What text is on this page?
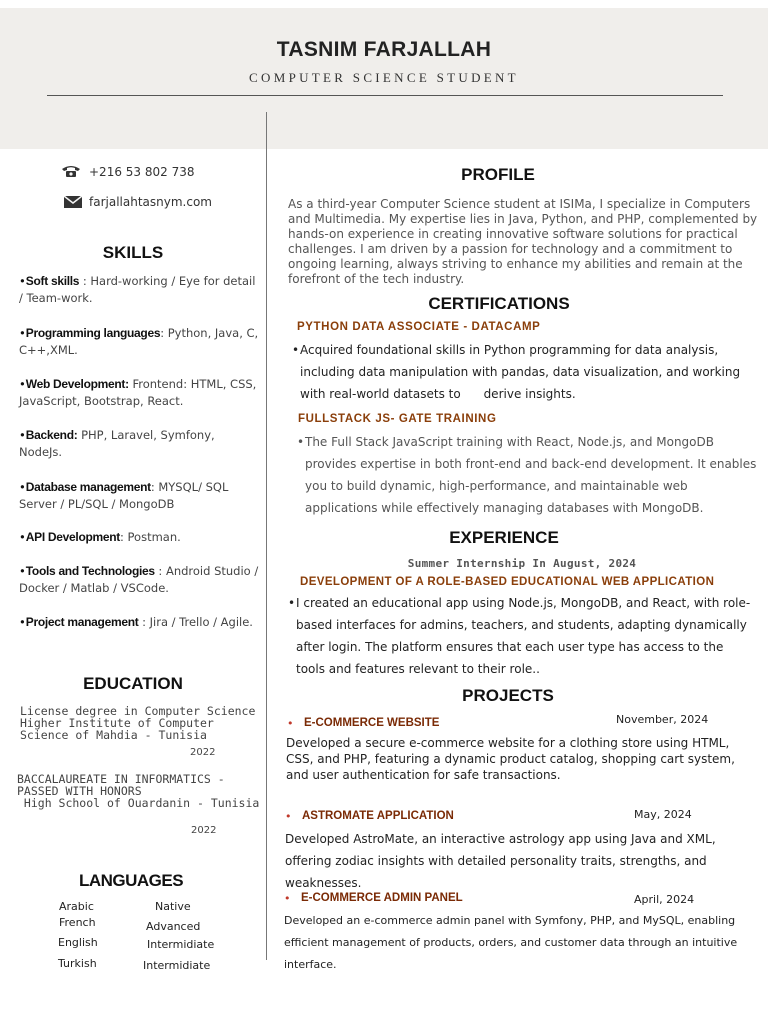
TASNIM FARJALLAH
COMPUTER SCIENCE STUDENT
+216 53 802 738
farjallahtasnym.com
SKILLS
•Soft skills : Hard-working / Eye for detail / Team-work.
•Programming languages: Python, Java, C, C++,XML.
•Web Development: Frontend: HTML, CSS, JavaScript, Bootstrap, React.
•Backend: PHP, Laravel, Symfony, NodeJs.
•Database management: MYSQL/ SQL Server / PL/SQL / MongoDB
•API Development: Postman.
•Tools and Technologies : Android Studio / Docker / Matlab / VSCode.
•Project management : Jira / Trello / Agile.
EDUCATION
License degree in Computer Science
Higher Institute of Computer
Science of Mahdia - Tunisia
2022
BACCALAUREATE IN INFORMATICS -
PASSED WITH HONORS
High School of Ouardanin - Tunisia
2022
LANGUAGES
Arabic	Native
French	Advanced
English	Intermidiate
Turkish	Intermidiate
PROFILE
As a third-year Computer Science student at ISIMa, I specialize in Computers and Multimedia. My expertise lies in Java, Python, and PHP, complemented by hands-on experience in creating innovative software solutions for practical challenges. I am driven by a passion for technology and a commitment to ongoing learning, always striving to enhance my abilities and remain at the forefront of the tech industry.
CERTIFICATIONS
PYTHON DATA ASSOCIATE - DATACAMP
• Acquired foundational skills in Python programming for data analysis, including data manipulation with pandas, data visualization, and working with real-world datasets to      derive insights.
FULLSTACK JS- GATE TRAINING
• The Full Stack JavaScript training with React, Node.js, and MongoDB provides expertise in both front-end and back-end development. It enables you to build dynamic, high-performance, and maintainable web applications while effectively managing databases with MongoDB.
EXPERIENCE
Summer Internship In August, 2024
DEVELOPMENT OF A ROLE-BASED EDUCATIONAL WEB APPLICATION
• I created an educational app using Node.js, MongoDB, and React, with role-based interfaces for admins, teachers, and students, adapting dynamically after login. The platform ensures that each user type has access to the tools and features relevant to their role..
PROJECTS
• E-COMMERCE WEBSITE	November, 2024
Developed a secure e-commerce website for a clothing store using HTML, CSS, and PHP, featuring a dynamic product catalog, shopping cart system, and user authentication for safe transactions.
• ASTROMATE APPLICATION	May, 2024
Developed AstroMate, an interactive astrology app using Java and XML, offering zodiac insights with detailed personality traits, strengths, and weaknesses.
• E-COMMERCE ADMIN PANEL	April, 2024
Developed an e-commerce admin panel with Symfony, PHP, and MySQL, enabling efficient management of products, orders, and customer data through an intuitive interface.
